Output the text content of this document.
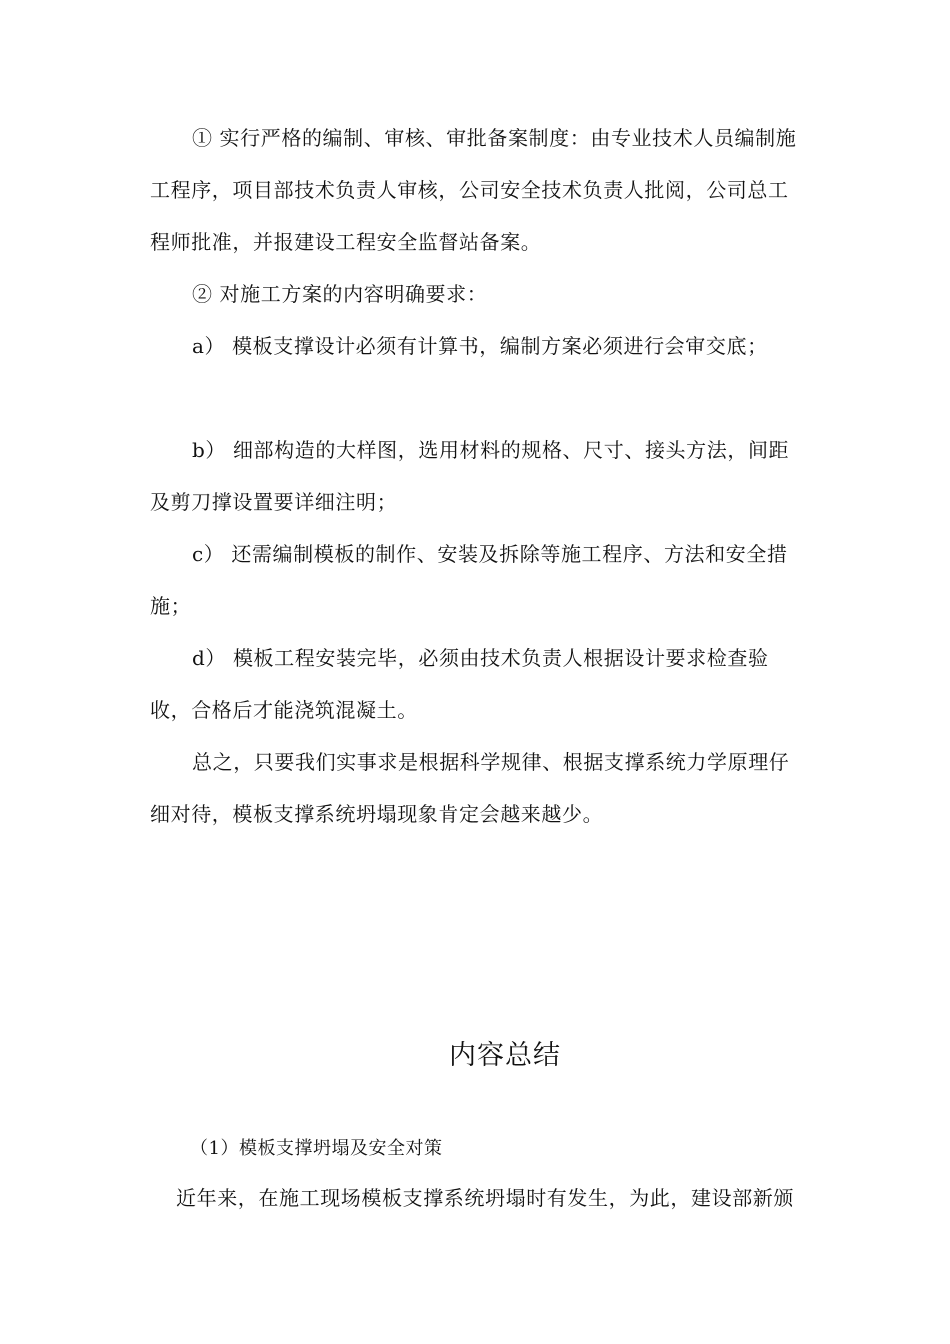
① 实行严格的编制、审核、审批备案制度：由专业技术人员编制施工程序，项目部技术负责人审核，公司安全技术负责人批阅，公司总工程师批准，并报建设工程安全监督站备案。

② 对施工方案的内容明确要求：

a） 模板支撑设计必须有计算书，编制方案必须进行会审交底；

b） 细部构造的大样图，选用材料的规格、尺寸、接头方法，间距及剪刀撑设置要详细注明；

c） 还需编制模板的制作、安装及拆除等施工程序、方法和安全措施；

d） 模板工程安装完毕，必须由技术负责人根据设计要求检查验收，合格后才能浇筑混凝土。

总之，只要我们实事求是根据科学规律、根据支撑系统力学原理仔细对待，模板支撑系统坍塌现象肯定会越来越少。

内容总结

（1）模板支撑坍塌及安全对策

近年来，在施工现场模板支撑系统坍塌时有发生，为此，建设部新颁
